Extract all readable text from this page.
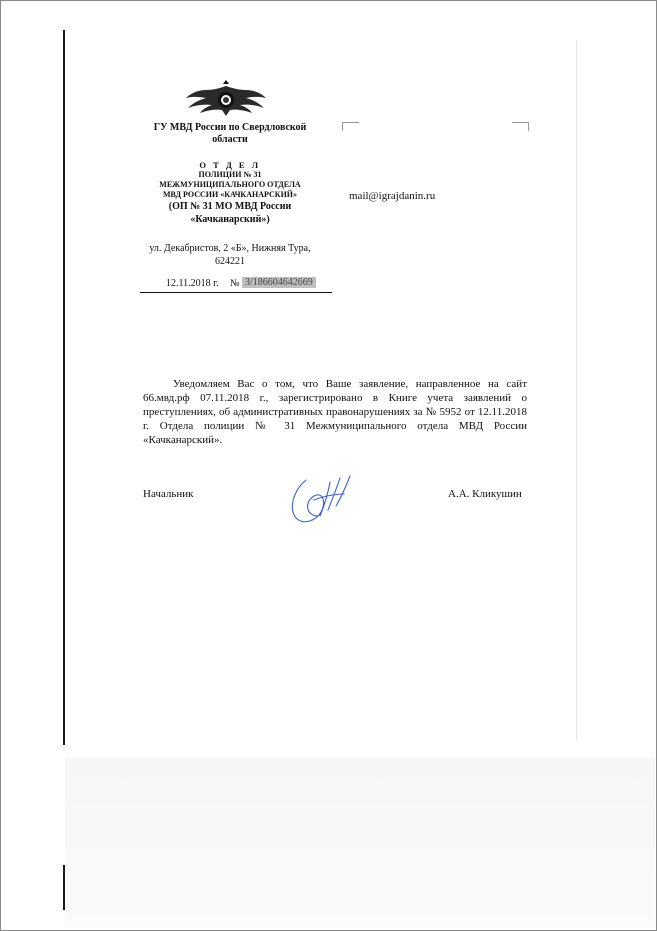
ГУ МВД России по Свердловской
области
О Т Д Е Л
ПОЛИЦИИ № 31
МЕЖМУНИЦИПАЛЬНОГО ОТДЕЛА
МВД РОССИИ «КАЧКАНАРСКИЙ»
(ОП № 31 МО МВД России
«Качканарский»)
ул. Декабристов, 2 «Б», Нижняя Тура,
624221
12.11.2018 г. № 3/186604642669
mail@igrajdanin.ru
Уведомляем Вас о том, что Ваше заявление, направленное на сайт 66.мвд.рф 07.11.2018 г., зарегистрировано в Книге учета заявлений о преступлениях, об административных правонарушениях за № 5952 от 12.11.2018 г. Отдела полиции № 31 Межмуниципального отдела МВД России «Качканарский».
Начальник	А.А. Кликушин
